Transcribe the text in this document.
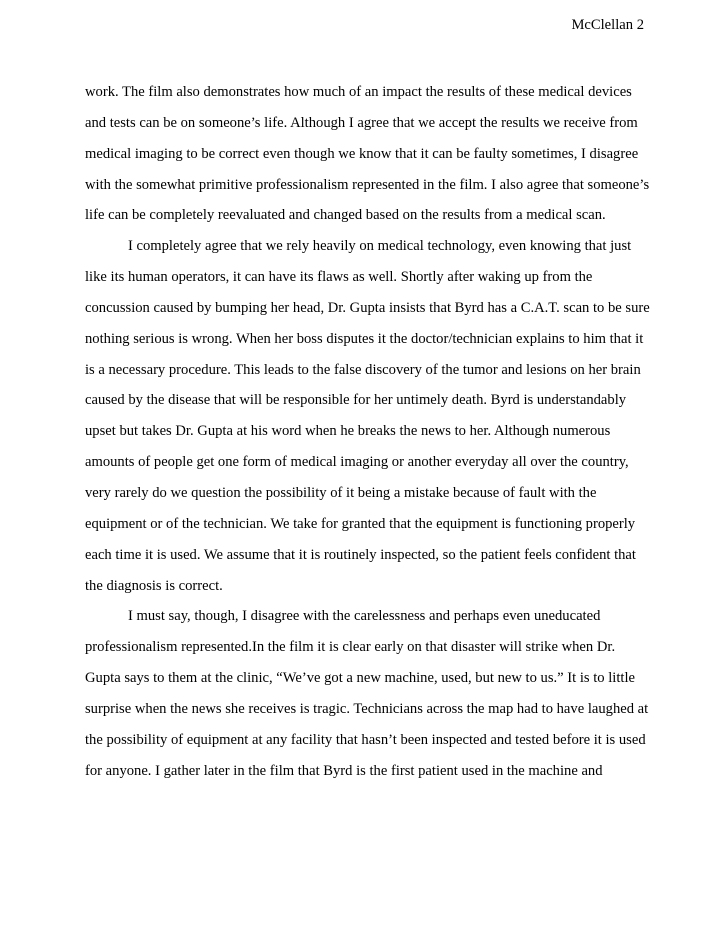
McClellan 2
work. The film also demonstrates how much of an impact the results of these medical devices
and tests can be on someone’s life. Although I agree that we accept the results we receive from
medical imaging to be correct even though we know that it can be faulty sometimes, I disagree
with the somewhat primitive professionalism represented in the film. I also agree that someone’s
life can be completely reevaluated and changed based on the results from a medical scan.
I completely agree that we rely heavily on medical technology, even knowing that just
like its human operators, it can have its flaws as well. Shortly after waking up from the
concussion caused by bumping her head, Dr. Gupta insists that Byrd has a C.A.T. scan to be sure
nothing serious is wrong. When her boss disputes it the doctor/technician explains to him that it
is a necessary procedure. This leads to the false discovery of the tumor and lesions on her brain
caused by the disease that will be responsible for her untimely death. Byrd is understandably
upset but takes Dr. Gupta at his word when he breaks the news to her. Although numerous
amounts of people get one form of medical imaging or another everyday all over the country,
very rarely do we question the possibility of it being a mistake because of fault with the
equipment or of the technician. We take for granted that the equipment is functioning properly
each time it is used. We assume that it is routinely inspected, so the patient feels confident that
the diagnosis is correct.
I must say, though, I disagree with the carelessness and perhaps even uneducated
professionalism represented.In the film it is clear early on that disaster will strike when Dr.
Gupta says to them at the clinic, “We’ve got a new machine, used, but new to us.” It is to little
surprise when the news she receives is tragic. Technicians across the map had to have laughed at
the possibility of equipment at any facility that hasn’t been inspected and tested before it is used
for anyone. I gather later in the film that Byrd is the first patient used in the machine and
